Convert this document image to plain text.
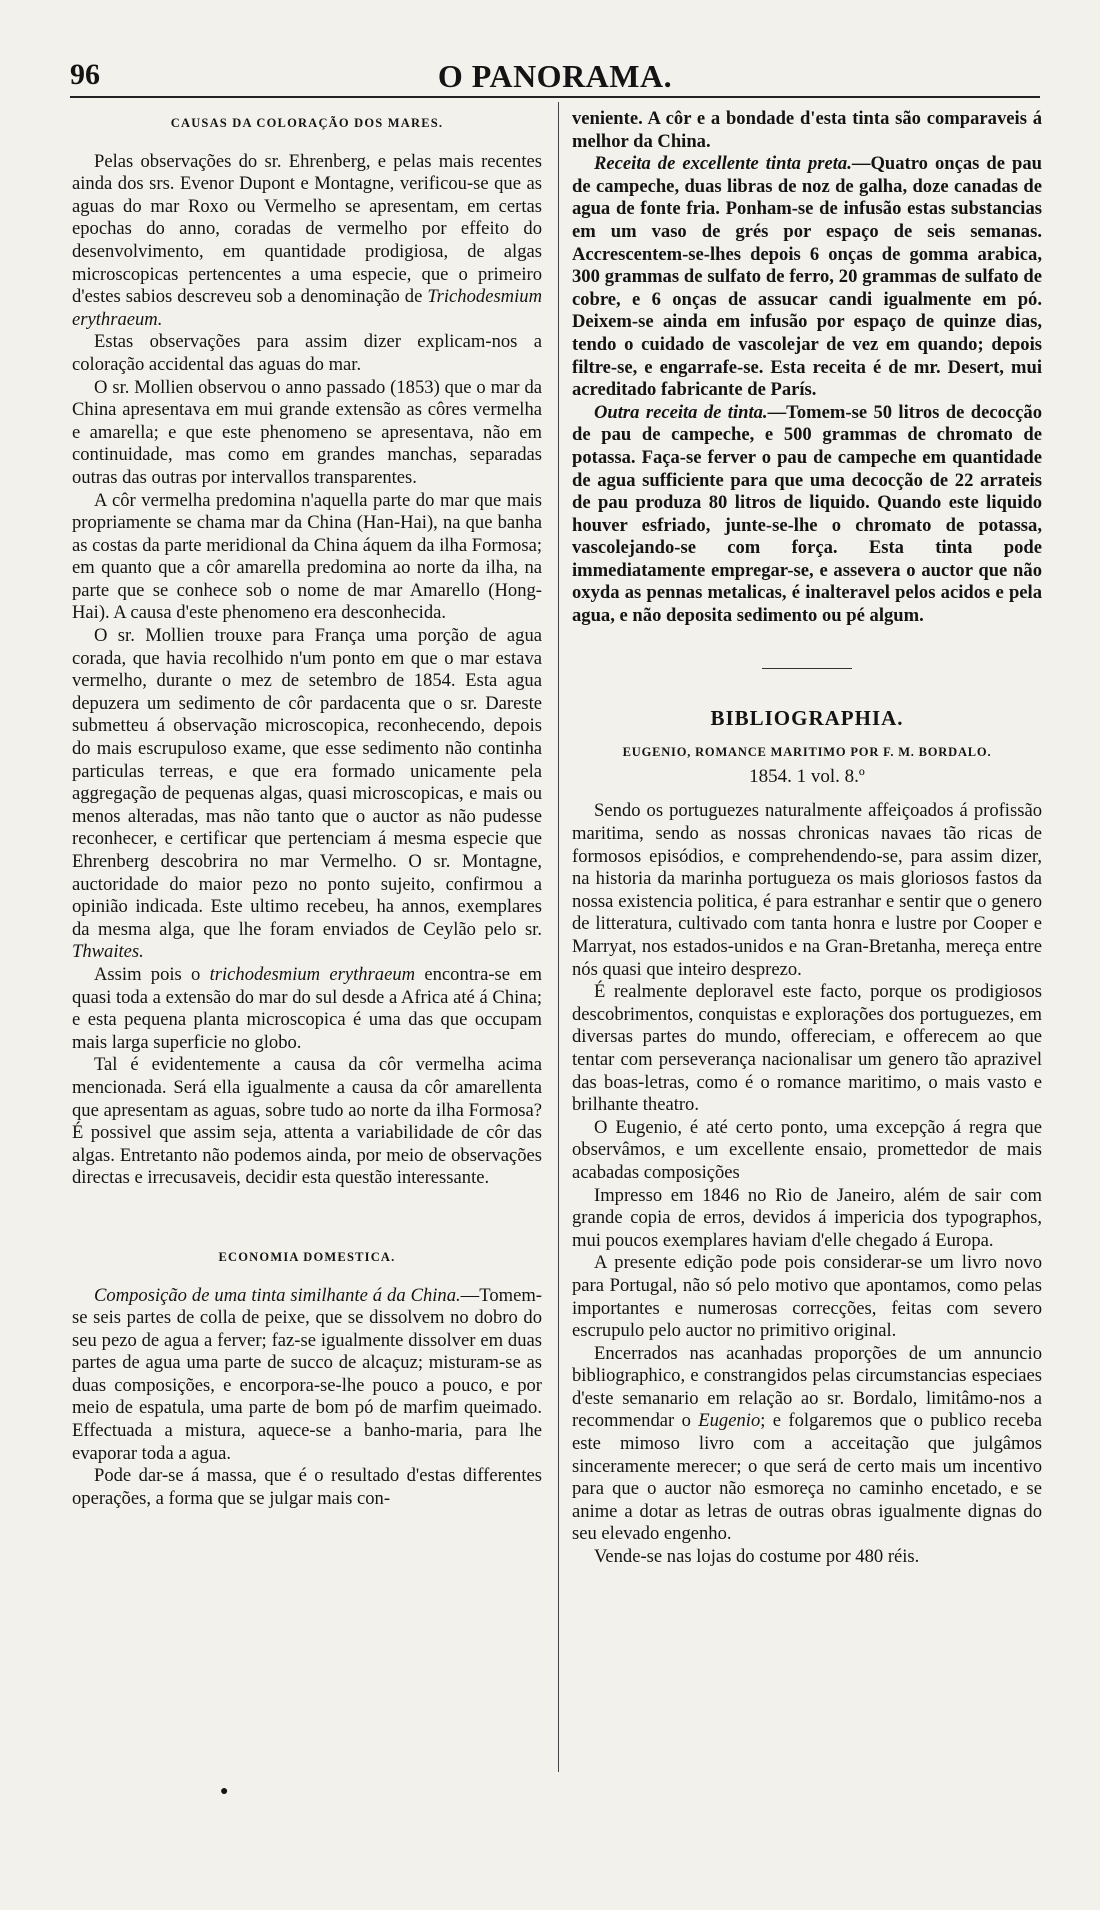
96	O PANORAMA.
CAUSAS DA COLORAÇÃO DOS MARES.

Pelas observações do sr. Ehrenberg, e pelas mais recentes ainda dos srs. Evenor Dupont e Montagne, verificou-se que as aguas do mar Roxo ou Vermelho se apresentam, em certas epochas do anno, coradas de vermelho por effeito do desenvolvimento, em quantidade prodigiosa, de algas microscopicas pertencentes a uma especie, que o primeiro d'estes sabios descreveu sob a denominação de Trichodesmium erythraeum.

Estas observações para assim dizer explicam-nos a coloração accidental das aguas do mar.

O sr. Mollien observou o anno passado (1853) que o mar da China apresentava em mui grande extensão as côres vermelha e amarella; e que este phenomeno se apresentava, não em continuidade, mas como em grandes manchas, separadas outras das outras por intervallos transparentes.

A côr vermelha predomina n'aquella parte do mar que mais propriamente se chama mar da China (Han-Hai), na que banha as costas da parte meridional da China áquem da ilha Formosa; em quanto que a côr amarella predomina ao norte da ilha, na parte que se conhece sob o nome de mar Amarello (Hong-Hai). A causa d'este phenomeno era desconhecida.

O sr. Mollien trouxe para França uma porção de agua corada, que havia recolhido n'um ponto em que o mar estava vermelho, durante o mez de setembro de 1854. Esta agua depuzera um sedimento de côr pardacenta que o sr. Dareste submetteu á observação microscopica, reconhecendo, depois do mais escrupuloso exame, que esse sedimento não continha particulas terreas, e que era formado unicamente pela aggregação de pequenas algas, quasi microscopicas, e mais ou menos alteradas, mas não tanto que o auctor as não pudesse reconhecer, e certificar que pertenciam á mesma especie que Ehrenberg descobrira no mar Vermelho. O sr. Montagne, auctoridade do maior pezo no ponto sujeito, confirmou a opinião indicada. Este ultimo recebeu, ha annos, exemplares da mesma alga, que lhe foram enviados de Ceylão pelo sr. Thwaites.

Assim pois o trichodesmium erythraeum encontra-se em quasi toda a extensão do mar do sul desde a Africa até á China; e esta pequena planta microscopica é uma das que occupam mais larga superficie no globo.

Tal é evidentemente a causa da côr vermelha acima mencionada. Será ella igualmente a causa da côr amarellenta que apresentam as aguas, sobre tudo ao norte da ilha Formosa? É possivel que assim seja, attenta a variabilidade de côr das algas. Entretanto não podemos ainda, por meio de observações directas e irrecusaveis, decidir esta questão interessante.

ECONOMIA DOMESTICA.

Composição de uma tinta similhante á da China.—Tomem-se seis partes de colla de peixe, que se dissolvem no dobro do seu pezo de agua a ferver; faz-se igualmente dissolver em duas partes de agua uma parte de succo de alcaçuz; misturam-se as duas composições, e encorpora-se-lhe pouco a pouco, e por meio de espatula, uma parte de bom pó de marfim queimado. Effectuada a mistura, aquece-se a banho-maria, para lhe evaporar toda a agua.

Pode dar-se á massa, que é o resultado d'estas differentes operações, a forma que se julgar mais con-

veniente. A côr e a bondade d'esta tinta são comparaveis á melhor da China.

Receita de excellente tinta preta.—Quatro onças de pau de campeche, duas libras de noz de galha, doze canadas de agua de fonte fria. Ponham-se de infusão estas substancias em um vaso de grés por espaço de seis semanas. Accrescentem-se-lhes depois 6 onças de gomma arabica, 300 grammas de sulfato de ferro, 20 grammas de sulfato de cobre, e 6 onças de assucar candi igualmente em pó. Deixem-se ainda em infusão por espaço de quinze dias, tendo o cuidado de vascolejar de vez em quando; depois filtre-se, e engarrafe-se. Esta receita é de mr. Desert, mui acreditado fabricante de París.

Outra receita de tinta.—Tomem-se 50 litros de decocção de pau de campeche, e 500 grammas de chromato de potassa. Faça-se ferver o pau de campeche em quantidade de agua sufficiente para que uma decocção de 22 arrateis de pau produza 80 litros de liquido. Quando este liquido houver esfriado, junte-se-lhe o chromato de potassa, vascolejando-se com força. Esta tinta pode immediatamente empregar-se, e assevera o auctor que não oxyda as pennas metalicas, é inalteravel pelos acidos e pela agua, e não deposita sedimento ou pé algum.

BIBLIOGRAPHIA.
EUGENIO, ROMANCE MARITIMO POR F. M. BORDALO.
1854. 1 vol. 8.º

Sendo os portuguezes naturalmente affeiçoados á profissão maritima, sendo as nossas chronicas navaes tão ricas de formosos episódios, e comprehendendo-se, para assim dizer, na historia da marinha portugueza os mais gloriosos fastos da nossa existencia politica, é para estranhar e sentir que o genero de litteratura, cultivado com tanta honra e lustre por Cooper e Marryat, nos estados-unidos e na Gran-Bretanha, mereça entre nós quasi que inteiro desprezo.

É realmente deploravel este facto, porque os prodigiosos descobrimentos, conquistas e explorações dos portuguezes, em diversas partes do mundo, offereciam, e offerecem ao que tentar com perseverança nacionalisar um genero tão aprazivel das boas-letras, como é o romance maritimo, o mais vasto e brilhante theatro.

O Eugenio, é até certo ponto, uma excepção á regra que observâmos, e um excellente ensaio, promettedor de mais acabadas composições

Impresso em 1846 no Rio de Janeiro, além de sair com grande copia de erros, devidos á impericia dos typographos, mui poucos exemplares haviam d'elle chegado á Europa.

A presente edição pode pois considerar-se um livro novo para Portugal, não só pelo motivo que apontamos, como pelas importantes e numerosas correcções, feitas com severo escrupulo pelo auctor no primitivo original.

Encerrados nas acanhadas proporções de um annuncio bibliographico, e constrangidos pelas circumstancias especiaes d'este semanario em relação ao sr. Bordalo, limitâmo-nos a recommendar o Eugenio; e folgaremos que o publico receba este mimoso livro com a acceitação que julgâmos sinceramente merecer; o que será de certo mais um incentivo para que o auctor não esmoreça no caminho encetado, e se anime a dotar as letras de outras obras igualmente dignas do seu elevado engenho.

Vende-se nas lojas do costume por 480 réis.

●
